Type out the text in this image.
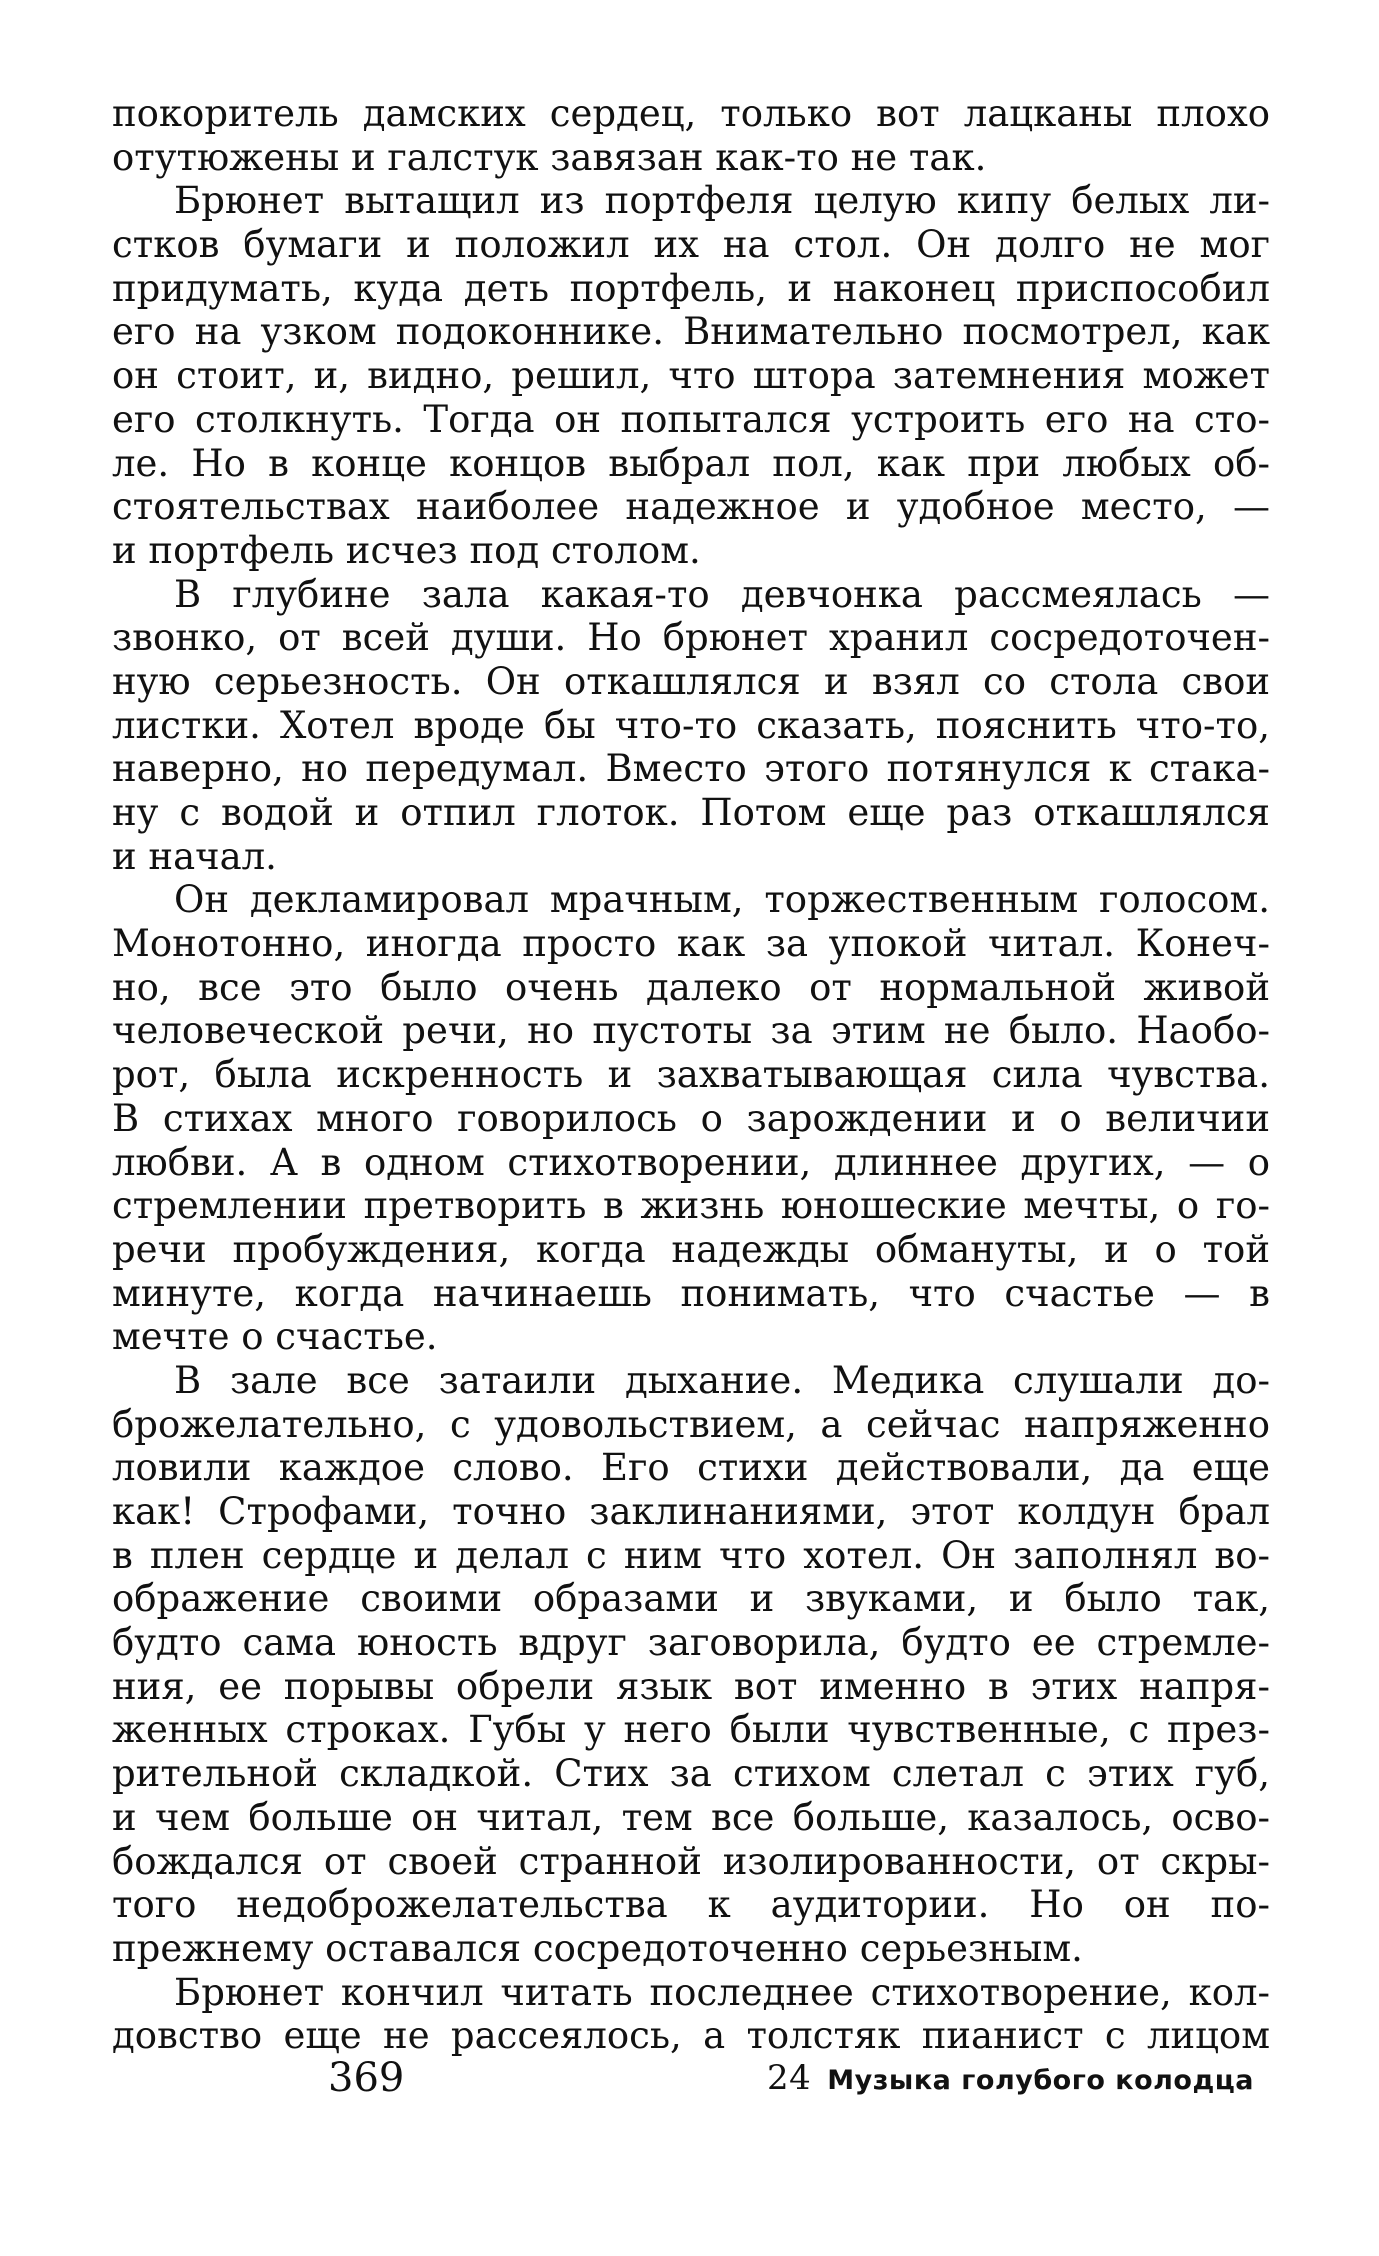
покоритель дамских сердец, только вот лацканы плохо
отутюжены и галстук завязан как-то не так.
Брюнет вытащил из портфеля целую кипу белых ли-
стков бумаги и положил их на стол. Он долго не мог
придумать, куда деть портфель, и наконец приспособил
его на узком подоконнике. Внимательно посмотрел, как
он стоит, и, видно, решил, что штора затемнения может
его столкнуть. Тогда он попытался устроить его на сто-
ле. Но в конце концов выбрал пол, как при любых об-
стоятельствах наиболее надежное и удобное место, —
и портфель исчез под столом.
В глубине зала какая-то девчонка рассмеялась —
звонко, от всей души. Но брюнет хранил сосредоточен-
ную серьезность. Он откашлялся и взял со стола свои
листки. Хотел вроде бы что-то сказать, пояснить что-то,
наверно, но передумал. Вместо этого потянулся к стака-
ну с водой и отпил глоток. Потом еще раз откашлялся
и начал.
Он декламировал мрачным, торжественным голосом.
Монотонно, иногда просто как за упокой читал. Конеч-
но, все это было очень далеко от нормальной живой
человеческой речи, но пустоты за этим не было. Наобо-
рот, была искренность и захватывающая сила чувства.
В стихах много говорилось о зарождении и о величии
любви. А в одном стихотворении, длиннее других, — о
стремлении претворить в жизнь юношеские мечты, о го-
речи пробуждения, когда надежды обмануты, и о той
минуте, когда начинаешь понимать, что счастье — в
мечте о счастье.
В зале все затаили дыхание. Медика слушали до-
брожелательно, с удовольствием, а сейчас напряженно
ловили каждое слово. Его стихи действовали, да еще
как! Строфами, точно заклинаниями, этот колдун брал
в плен сердце и делал с ним что хотел. Он заполнял во-
ображение своими образами и звуками, и было так,
будто сама юность вдруг заговорила, будто ее стремле-
ния, ее порывы обрели язык вот именно в этих напря-
женных строках. Губы у него были чувственные, с през-
рительной складкой. Стих за стихом слетал с этих губ,
и чем больше он читал, тем все больше, казалось, осво-
бождался от своей странной изолированности, от скры-
того недоброжелательства к аудитории. Но он по-
прежнему оставался сосредоточенно серьезным.
Брюнет кончил читать последнее стихотворение, кол-
довство еще не рассеялось, а толстяк пианист с лицом
369	24 Музыка голубого колодца
